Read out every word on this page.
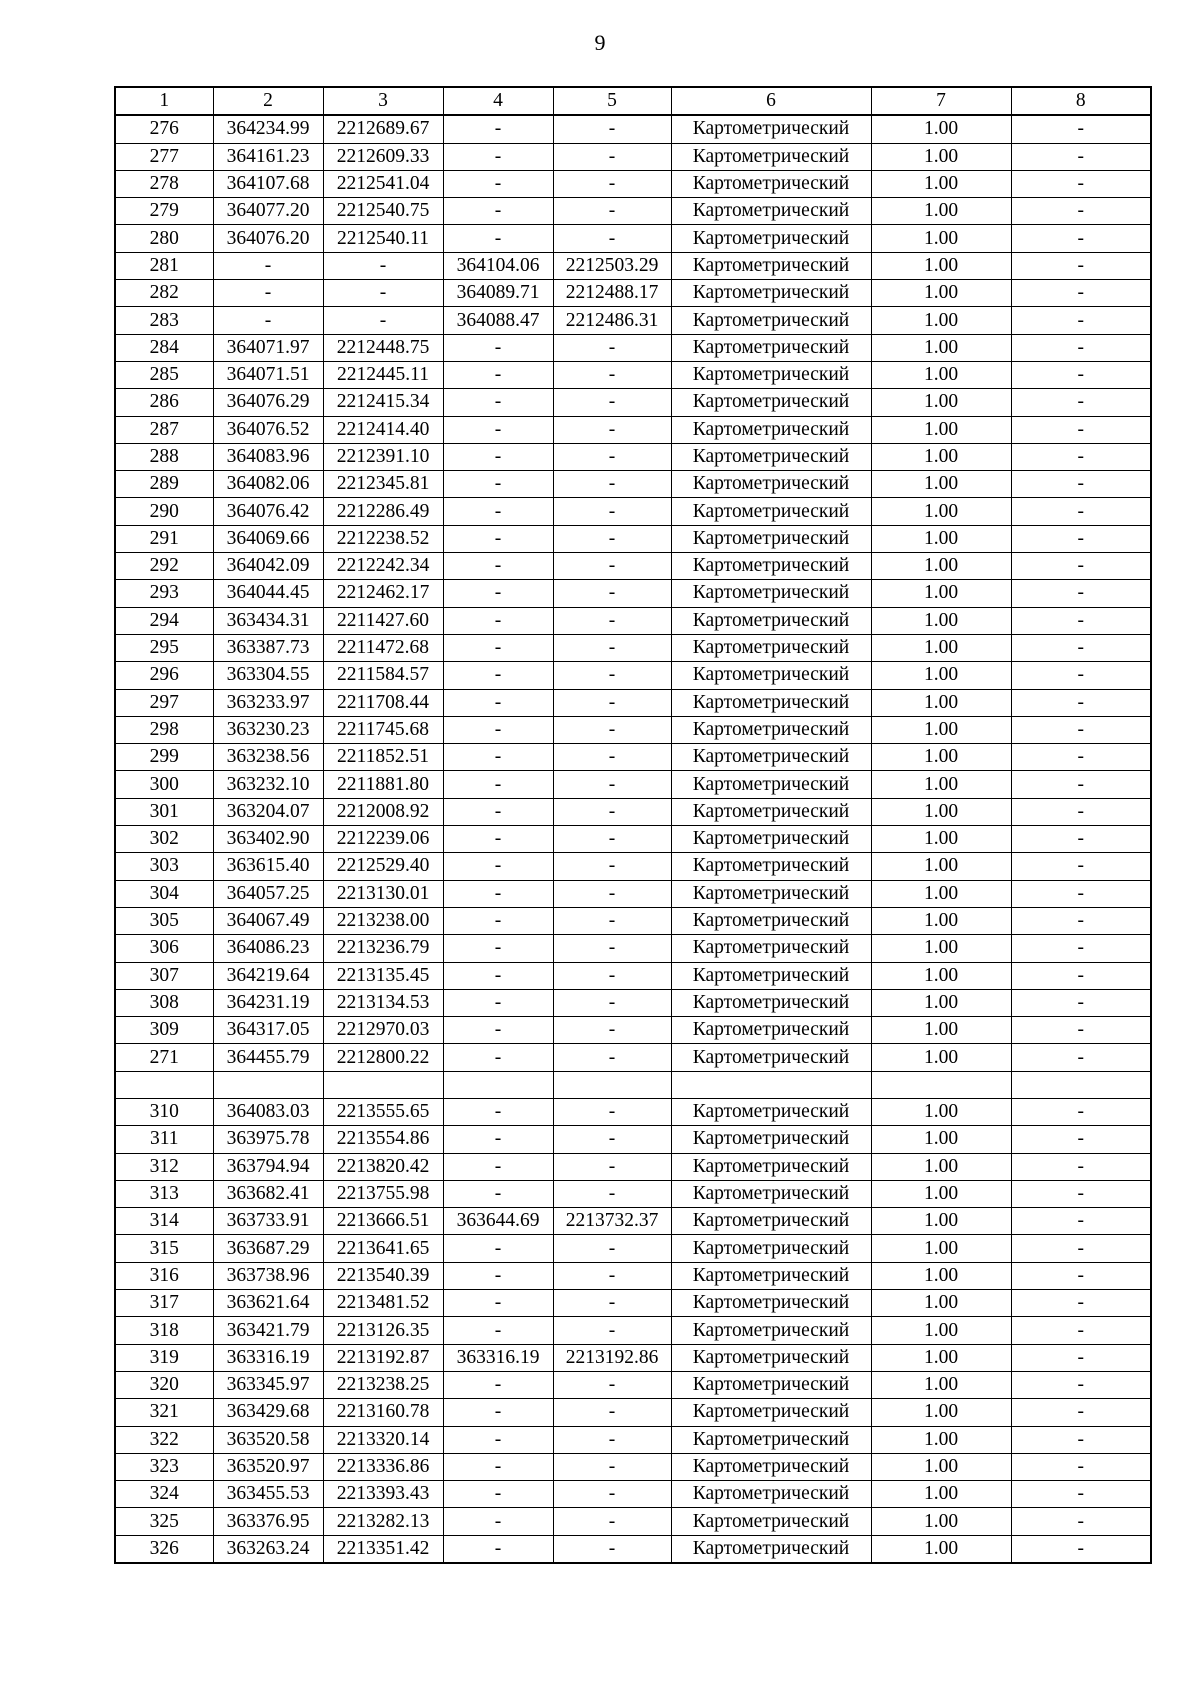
9
1	2	3	4	5	6	7	8
276	364234.99	2212689.67	-	-	Картометрический	1.00	-
277	364161.23	2212609.33	-	-	Картометрический	1.00	-
278	364107.68	2212541.04	-	-	Картометрический	1.00	-
279	364077.20	2212540.75	-	-	Картометрический	1.00	-
280	364076.20	2212540.11	-	-	Картометрический	1.00	-
281	-	-	364104.06	2212503.29	Картометрический	1.00	-
282	-	-	364089.71	2212488.17	Картометрический	1.00	-
283	-	-	364088.47	2212486.31	Картометрический	1.00	-
284	364071.97	2212448.75	-	-	Картометрический	1.00	-
285	364071.51	2212445.11	-	-	Картометрический	1.00	-
286	364076.29	2212415.34	-	-	Картометрический	1.00	-
287	364076.52	2212414.40	-	-	Картометрический	1.00	-
288	364083.96	2212391.10	-	-	Картометрический	1.00	-
289	364082.06	2212345.81	-	-	Картометрический	1.00	-
290	364076.42	2212286.49	-	-	Картометрический	1.00	-
291	364069.66	2212238.52	-	-	Картометрический	1.00	-
292	364042.09	2212242.34	-	-	Картометрический	1.00	-
293	364044.45	2212462.17	-	-	Картометрический	1.00	-
294	363434.31	2211427.60	-	-	Картометрический	1.00	-
295	363387.73	2211472.68	-	-	Картометрический	1.00	-
296	363304.55	2211584.57	-	-	Картометрический	1.00	-
297	363233.97	2211708.44	-	-	Картометрический	1.00	-
298	363230.23	2211745.68	-	-	Картометрический	1.00	-
299	363238.56	2211852.51	-	-	Картометрический	1.00	-
300	363232.10	2211881.80	-	-	Картометрический	1.00	-
301	363204.07	2212008.92	-	-	Картометрический	1.00	-
302	363402.90	2212239.06	-	-	Картометрический	1.00	-
303	363615.40	2212529.40	-	-	Картометрический	1.00	-
304	364057.25	2213130.01	-	-	Картометрический	1.00	-
305	364067.49	2213238.00	-	-	Картометрический	1.00	-
306	364086.23	2213236.79	-	-	Картометрический	1.00	-
307	364219.64	2213135.45	-	-	Картометрический	1.00	-
308	364231.19	2213134.53	-	-	Картометрический	1.00	-
309	364317.05	2212970.03	-	-	Картометрический	1.00	-
271	364455.79	2212800.22	-	-	Картометрический	1.00	-

310	364083.03	2213555.65	-	-	Картометрический	1.00	-
311	363975.78	2213554.86	-	-	Картометрический	1.00	-
312	363794.94	2213820.42	-	-	Картометрический	1.00	-
313	363682.41	2213755.98	-	-	Картометрический	1.00	-
314	363733.91	2213666.51	363644.69	2213732.37	Картометрический	1.00	-
315	363687.29	2213641.65	-	-	Картометрический	1.00	-
316	363738.96	2213540.39	-	-	Картометрический	1.00	-
317	363621.64	2213481.52	-	-	Картометрический	1.00	-
318	363421.79	2213126.35	-	-	Картометрический	1.00	-
319	363316.19	2213192.87	363316.19	2213192.86	Картометрический	1.00	-
320	363345.97	2213238.25	-	-	Картометрический	1.00	-
321	363429.68	2213160.78	-	-	Картометрический	1.00	-
322	363520.58	2213320.14	-	-	Картометрический	1.00	-
323	363520.97	2213336.86	-	-	Картометрический	1.00	-
324	363455.53	2213393.43	-	-	Картометрический	1.00	-
325	363376.95	2213282.13	-	-	Картометрический	1.00	-
326	363263.24	2213351.42	-	-	Картометрический	1.00	-
